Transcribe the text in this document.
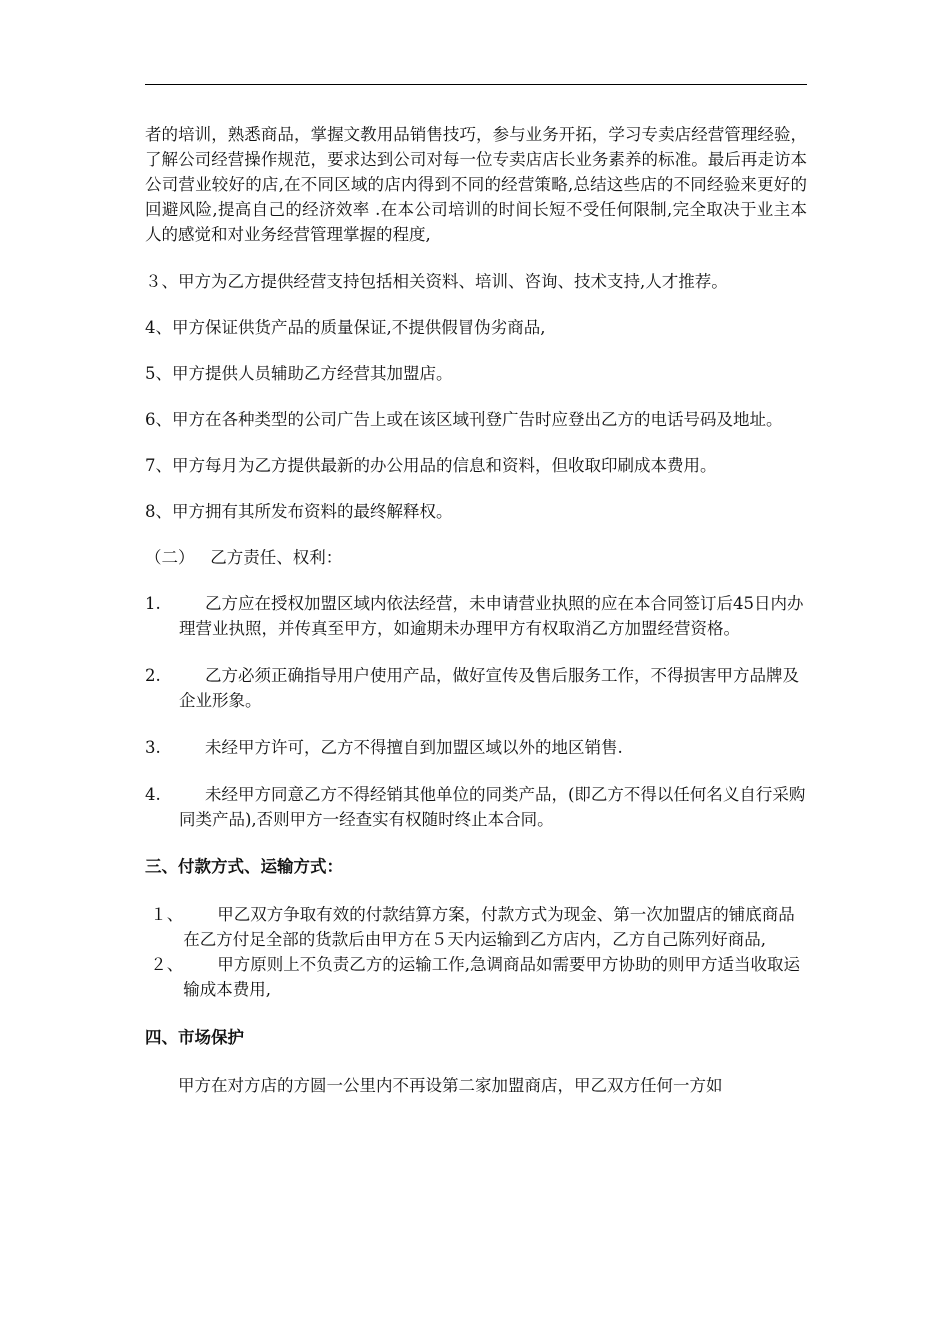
者的培训，熟悉商品，掌握文教用品销售技巧，参与业务开拓，学习专卖店经营管理经验，了解公司经营操作规范，要求达到公司对每一位专卖店店长业务素养的标准。最后再走访本公司营业较好的店,在不同区域的店内得到不同的经营策略,总结这些店的不同经验来更好的回避风险,提高自己的经济效率 .在本公司培训的时间长短不受任何限制,完全取决于业主本人的感觉和对业务经营管理掌握的程度,

３、甲方为乙方提供经营支持包括相关资料、培训、咨询、技术支持,人才推荐。
4、甲方保证供货产品的质量保证,不提供假冒伪劣商品,
5、甲方提供人员辅助乙方经营其加盟店。
6、甲方在各种类型的公司广告上或在该区域刊登广告时应登出乙方的电话号码及地址。
7、甲方每月为乙方提供最新的办公用品的信息和资料，但收取印刷成本费用。
8、甲方拥有其所发布资料的最终解释权。

（二）   乙方责任、权利：

1.	乙方应在授权加盟区域内依法经营，未申请营业执照的应在本合同签订后45日内办理营业执照，并传真至甲方，如逾期未办理甲方有权取消乙方加盟经营资格。
2.	乙方必须正确指导用户使用产品，做好宣传及售后服务工作，不得损害甲方品牌及企业形象。
3.	未经甲方许可，乙方不得擅自到加盟区域以外的地区销售.
4.	未经甲方同意乙方不得经销其他单位的同类产品，(即乙方不得以任何名义自行采购同类产品),否则甲方一经查实有权随时终止本合同。

三、付款方式、运输方式：

１、	甲乙双方争取有效的付款结算方案，付款方式为现金、第一次加盟店的铺底商品在乙方付足全部的货款后由甲方在５天内运输到乙方店内，乙方自己陈列好商品,
２、	甲方原则上不负责乙方的运输工作,急调商品如需要甲方协助的则甲方适当收取运输成本费用,

四、市场保护

甲方在对方店的方圆一公里内不再设第二家加盟商店，甲乙双方任何一方如
